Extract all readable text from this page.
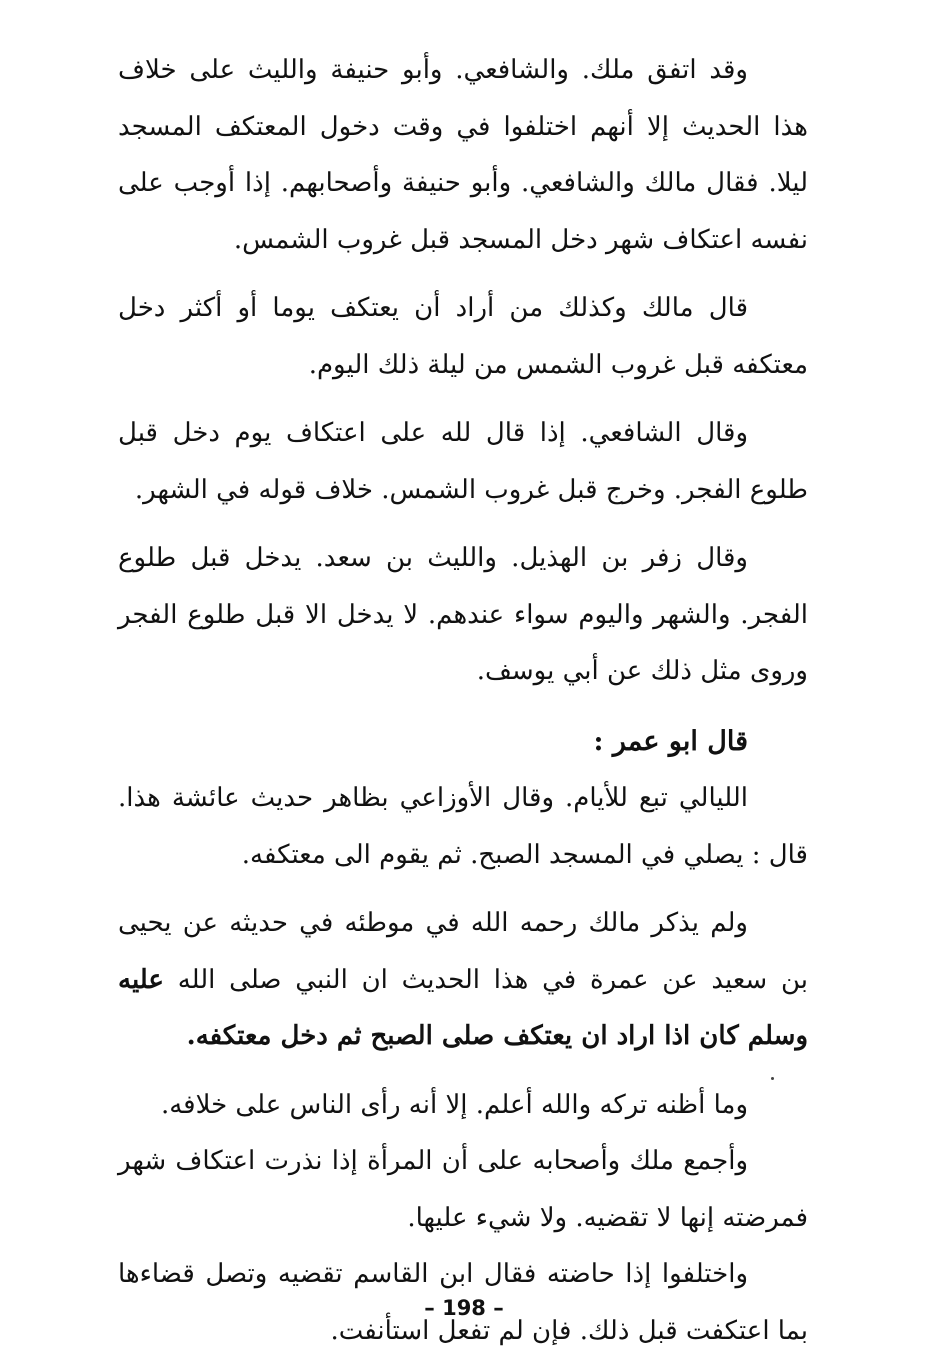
وقد اتفق ملك. والشافعي. وأبو حنيفة والليث على خلاف هذا الحديث إلا أنهم اختلفوا في وقت دخول المعتكف المسجد ليلا. فقال مالك والشافعي. وأبو حنيفة وأصحابهم. إذا أوجب على نفسه اعتكاف شهر دخل المسجد قبل غروب الشمس.

قال مالك وكذلك من أراد أن يعتكف يوما أو أكثر دخل معتكفه قبل غروب الشمس من ليلة ذلك اليوم.

وقال الشافعي. إذا قال لله على اعتكاف يوم دخل قبل طلوع الفجر. وخرج قبل غروب الشمس. خلاف قوله في الشهر.

وقال زفر بن الهذيل. والليث بن سعد. يدخل قبل طلوع الفجر. والشهر واليوم سواء عندهم. لا يدخل الا قبل طلوع الفجر وروى مثل ذلك عن أبي يوسف.

قال ابو عمر :

الليالي تبع للأيام. وقال الأوزاعي بظاهر حديث عائشة هذا. قال : يصلي في المسجد الصبح. ثم يقوم الى معتكفه.

ولم يذكر مالك رحمه الله في موطئه في حديثه عن يحيى بن سعيد عن عمرة في هذا الحديث ان النبي صلى الله عليه وسلم كان اذا اراد ان يعتكف صلى الصبح ثم دخل معتكفه.

وما أظنه تركه والله أعلم. إلا أنه رأى الناس على خلافه.

وأجمع ملك وأصحابه على أن المرأة إذا نذرت اعتكاف شهر فمرضته إنها لا تقضيه. ولا شيء عليها.

واختلفوا إذا حاضته فقال ابن القاسم تقضيه وتصل قضاءها بما اعتكفت قبل ذلك. فإن لم تفعل استأنفت.

– 198 –
